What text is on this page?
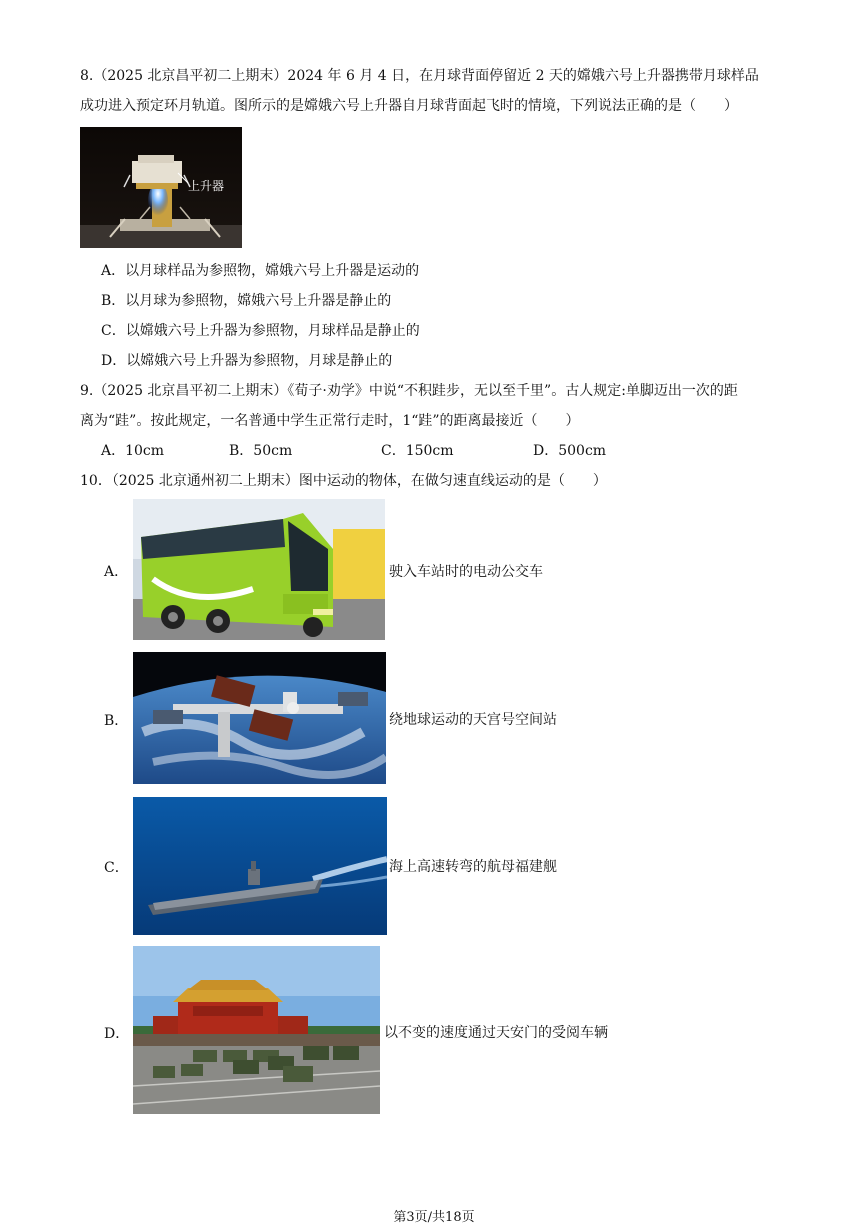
8.（2025 北京昌平初二上期末）2024 年 6 月 4 日，在月球背面停留近 2 天的嫦娥六号上升器携带月球样品
成功进入预定环月轨道。图所示的是嫦娥六号上升器自月球背面起飞时的情境，下列说法正确的是（　　）
上升器
A．以月球样品为参照物，嫦娥六号上升器是运动的
B．以月球为参照物，嫦娥六号上升器是静止的
C．以嫦娥六号上升器为参照物，月球样品是静止的
D．以嫦娥六号上升器为参照物，月球是静止的
9.（2025 北京昌平初二上期末）《荀子·劝学》中说“不积跬步，无以至千里”。古人规定:单脚迈出一次的距
离为“跬”。按此规定，一名普通中学生正常行走时，1“跬”的距离最接近（　　）
A．10cm	B．50cm	C．150cm	D．500cm
10．（2025 北京通州初二上期末）图中运动的物体，在做匀速直线运动的是（　　）
A．	驶入车站时的电动公交车
B．	绕地球运动的天宫号空间站
C．	海上高速转弯的航母福建舰
D．	以不变的速度通过天安门的受阅车辆
第3页/共18页
